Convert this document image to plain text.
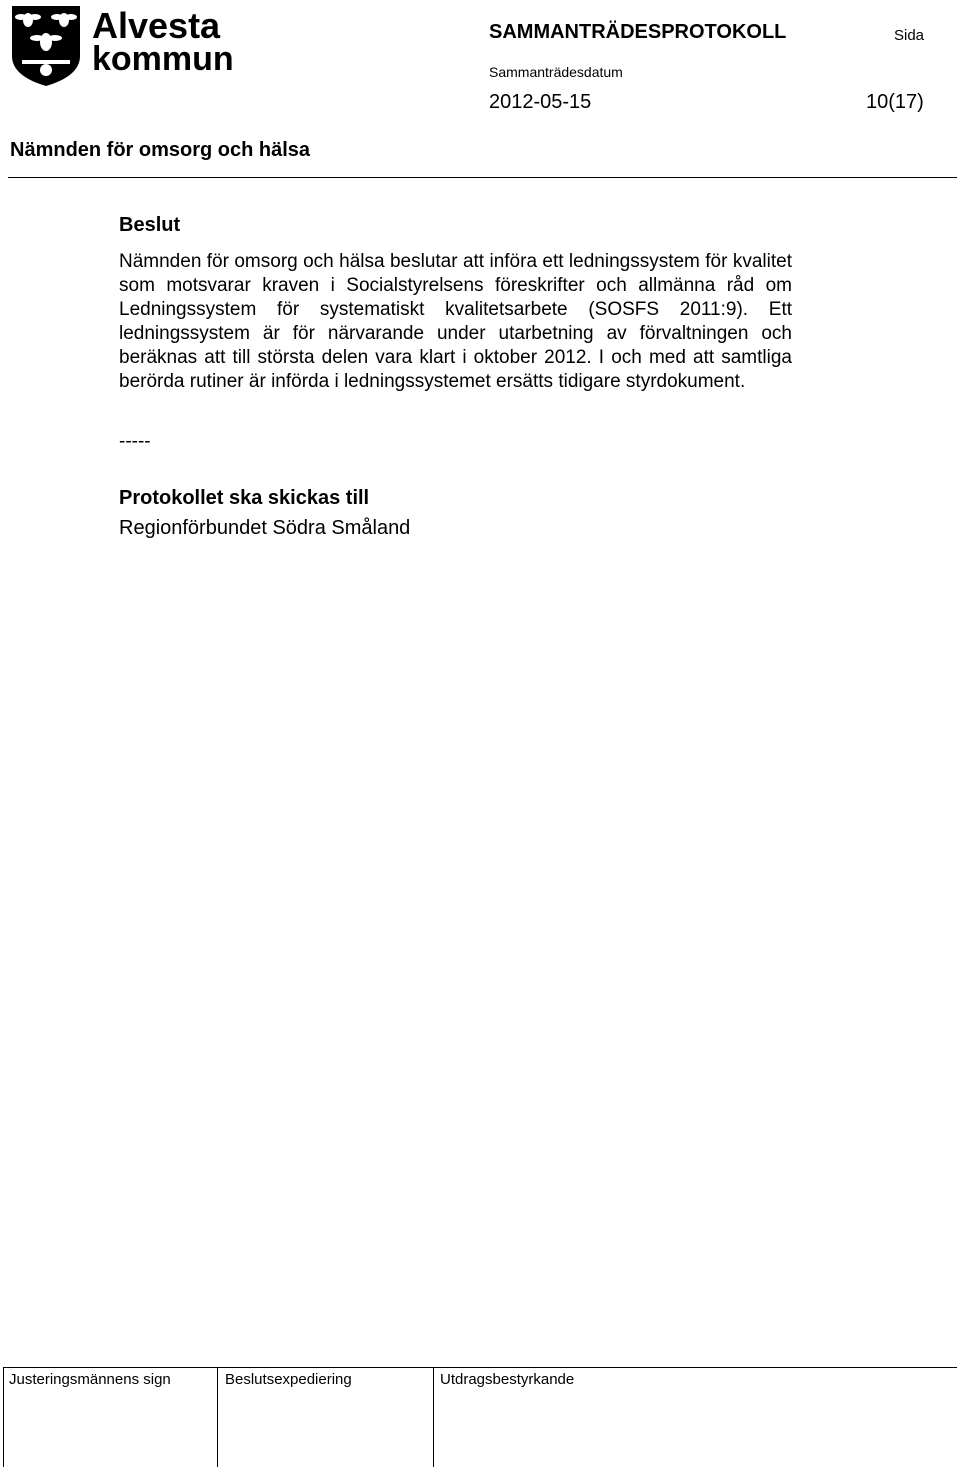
Alvesta
kommun
SAMMANTRÄDESPROTOKOLL	Sida
Sammanträdesdatum
2012-05-15	10(17)
Nämnden för omsorg och hälsa
Beslut
Nämnden för omsorg och hälsa beslutar att införa ett ledningssystem för kvalitet som motsvarar kraven i Socialstyrelsens föreskrifter och allmänna råd om Ledningssystem för systematiskt kvalitetsarbete (SOSFS 2011:9). Ett ledningssystem är för närvarande under utarbetning av förvaltningen och beräknas att till största delen vara klart i oktober 2012. I och med att samtliga berörda rutiner är införda i ledningssystemet ersätts tidigare styrdokument.
-----
Protokollet ska skickas till
Regionförbundet Södra Småland
Justeringsmännens sign	Beslutsexpediering	Utdragsbestyrkande
